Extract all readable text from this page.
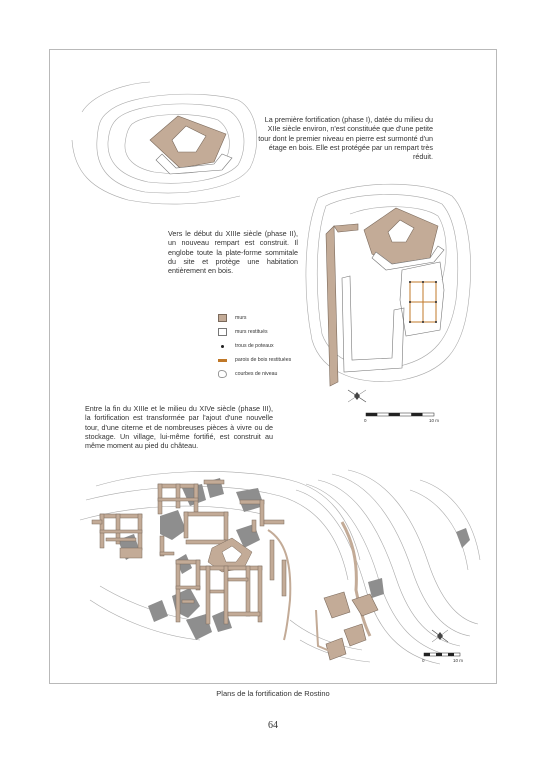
La première fortification (phase I), datée du milieu du XIIe siècle environ, n'est constituée que d'une petite tour dont le premier niveau en pierre est surmonté d'un étage en bois. Elle est protégée par un rempart très réduit.

Vers le début du XIIIe siècle (phase II), un nouveau rempart est construit. Il englobe toute la plate-forme sommitale du site et protège une habitation entièrement en bois.

Entre la fin du XIIIe et le milieu du XIVe siècle (phase III), la fortification est transformée par l'ajout d'une nouvelle tour, d'une citerne et de nombreuses pièces à vivre ou de stockage. Un village, lui-même fortifié, est construit au même moment au pied du château.

murs
murs restitués
trous de poteaux
parois de bois restituées
courbes de niveau
0	10 m
0	10 m
Plans de la fortification de Rostino
64
